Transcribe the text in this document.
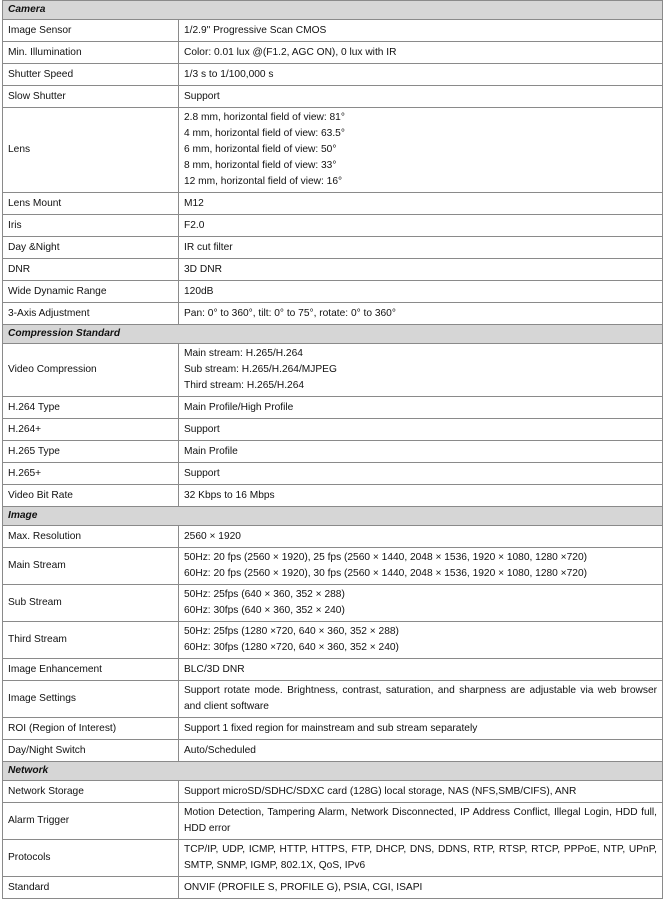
Camera	
Image Sensor	1/2.9" Progressive Scan CMOS

Min. Illumination	Color: 0.01 lux @(F1.2, AGC ON), 0 lux with IR

Shutter Speed	1/3 s to 1/100,000 s

Slow Shutter	Support

Lens	2.8 mm, horizontal field of view: 81°
4 mm, horizontal field of view: 63.5°
6 mm, horizontal field of view: 50°
8 mm, horizontal field of view: 33°
12 mm, horizontal field of view: 16°

Lens Mount	M12

Iris	F2.0

Day &Night	IR cut filter

DNR	3D DNR

Wide Dynamic Range	120dB

3-Axis Adjustment	Pan: 0° to 360°, tilt: 0° to 75°, rotate: 0° to 360°

Compression Standard	
Video Compression	Main stream: H.265/H.264
Sub stream: H.265/H.264/MJPEG
Third stream: H.265/H.264

H.264 Type	Main Profile/High Profile

H.264+	Support

H.265 Type	Main Profile

H.265+	Support

Video Bit Rate	32 Kbps to 16 Mbps

Image	
Max. Resolution	2560 × 1920

Main Stream	50Hz: 20 fps (2560 × 1920), 25 fps (2560 × 1440, 2048 × 1536, 1920 × 1080, 1280 ×720)
60Hz: 20 fps (2560 × 1920), 30 fps (2560 × 1440, 2048 × 1536, 1920 × 1080, 1280 ×720)

Sub Stream	50Hz: 25fps (640 × 360, 352 × 288)
60Hz: 30fps (640 × 360, 352 × 240)

Third Stream	50Hz: 25fps (1280 ×720, 640 × 360, 352 × 288)
60Hz: 30fps (1280 ×720, 640 × 360, 352 × 240)

Image Enhancement	BLC/3D DNR

Image Settings	Support rotate mode. Brightness, contrast, saturation, and sharpness are adjustable via web browser and client software

ROI (Region of Interest)	Support 1 fixed region for mainstream and sub stream separately

Day/Night Switch	Auto/Scheduled

Network	
Network Storage	Support microSD/SDHC/SDXC card (128G) local storage, NAS (NFS,SMB/CIFS), ANR

Alarm Trigger	Motion Detection, Tampering Alarm, Network Disconnected, IP Address Conflict, Illegal Login, HDD full, HDD error

Protocols	TCP/IP, UDP, ICMP, HTTP, HTTPS, FTP, DHCP, DNS, DDNS, RTP, RTSP, RTCP, PPPoE, NTP, UPnP, SMTP, SNMP, IGMP, 802.1X, QoS, IPv6

Standard	ONVIF (PROFILE S, PROFILE G), PSIA, CGI, ISAPI
